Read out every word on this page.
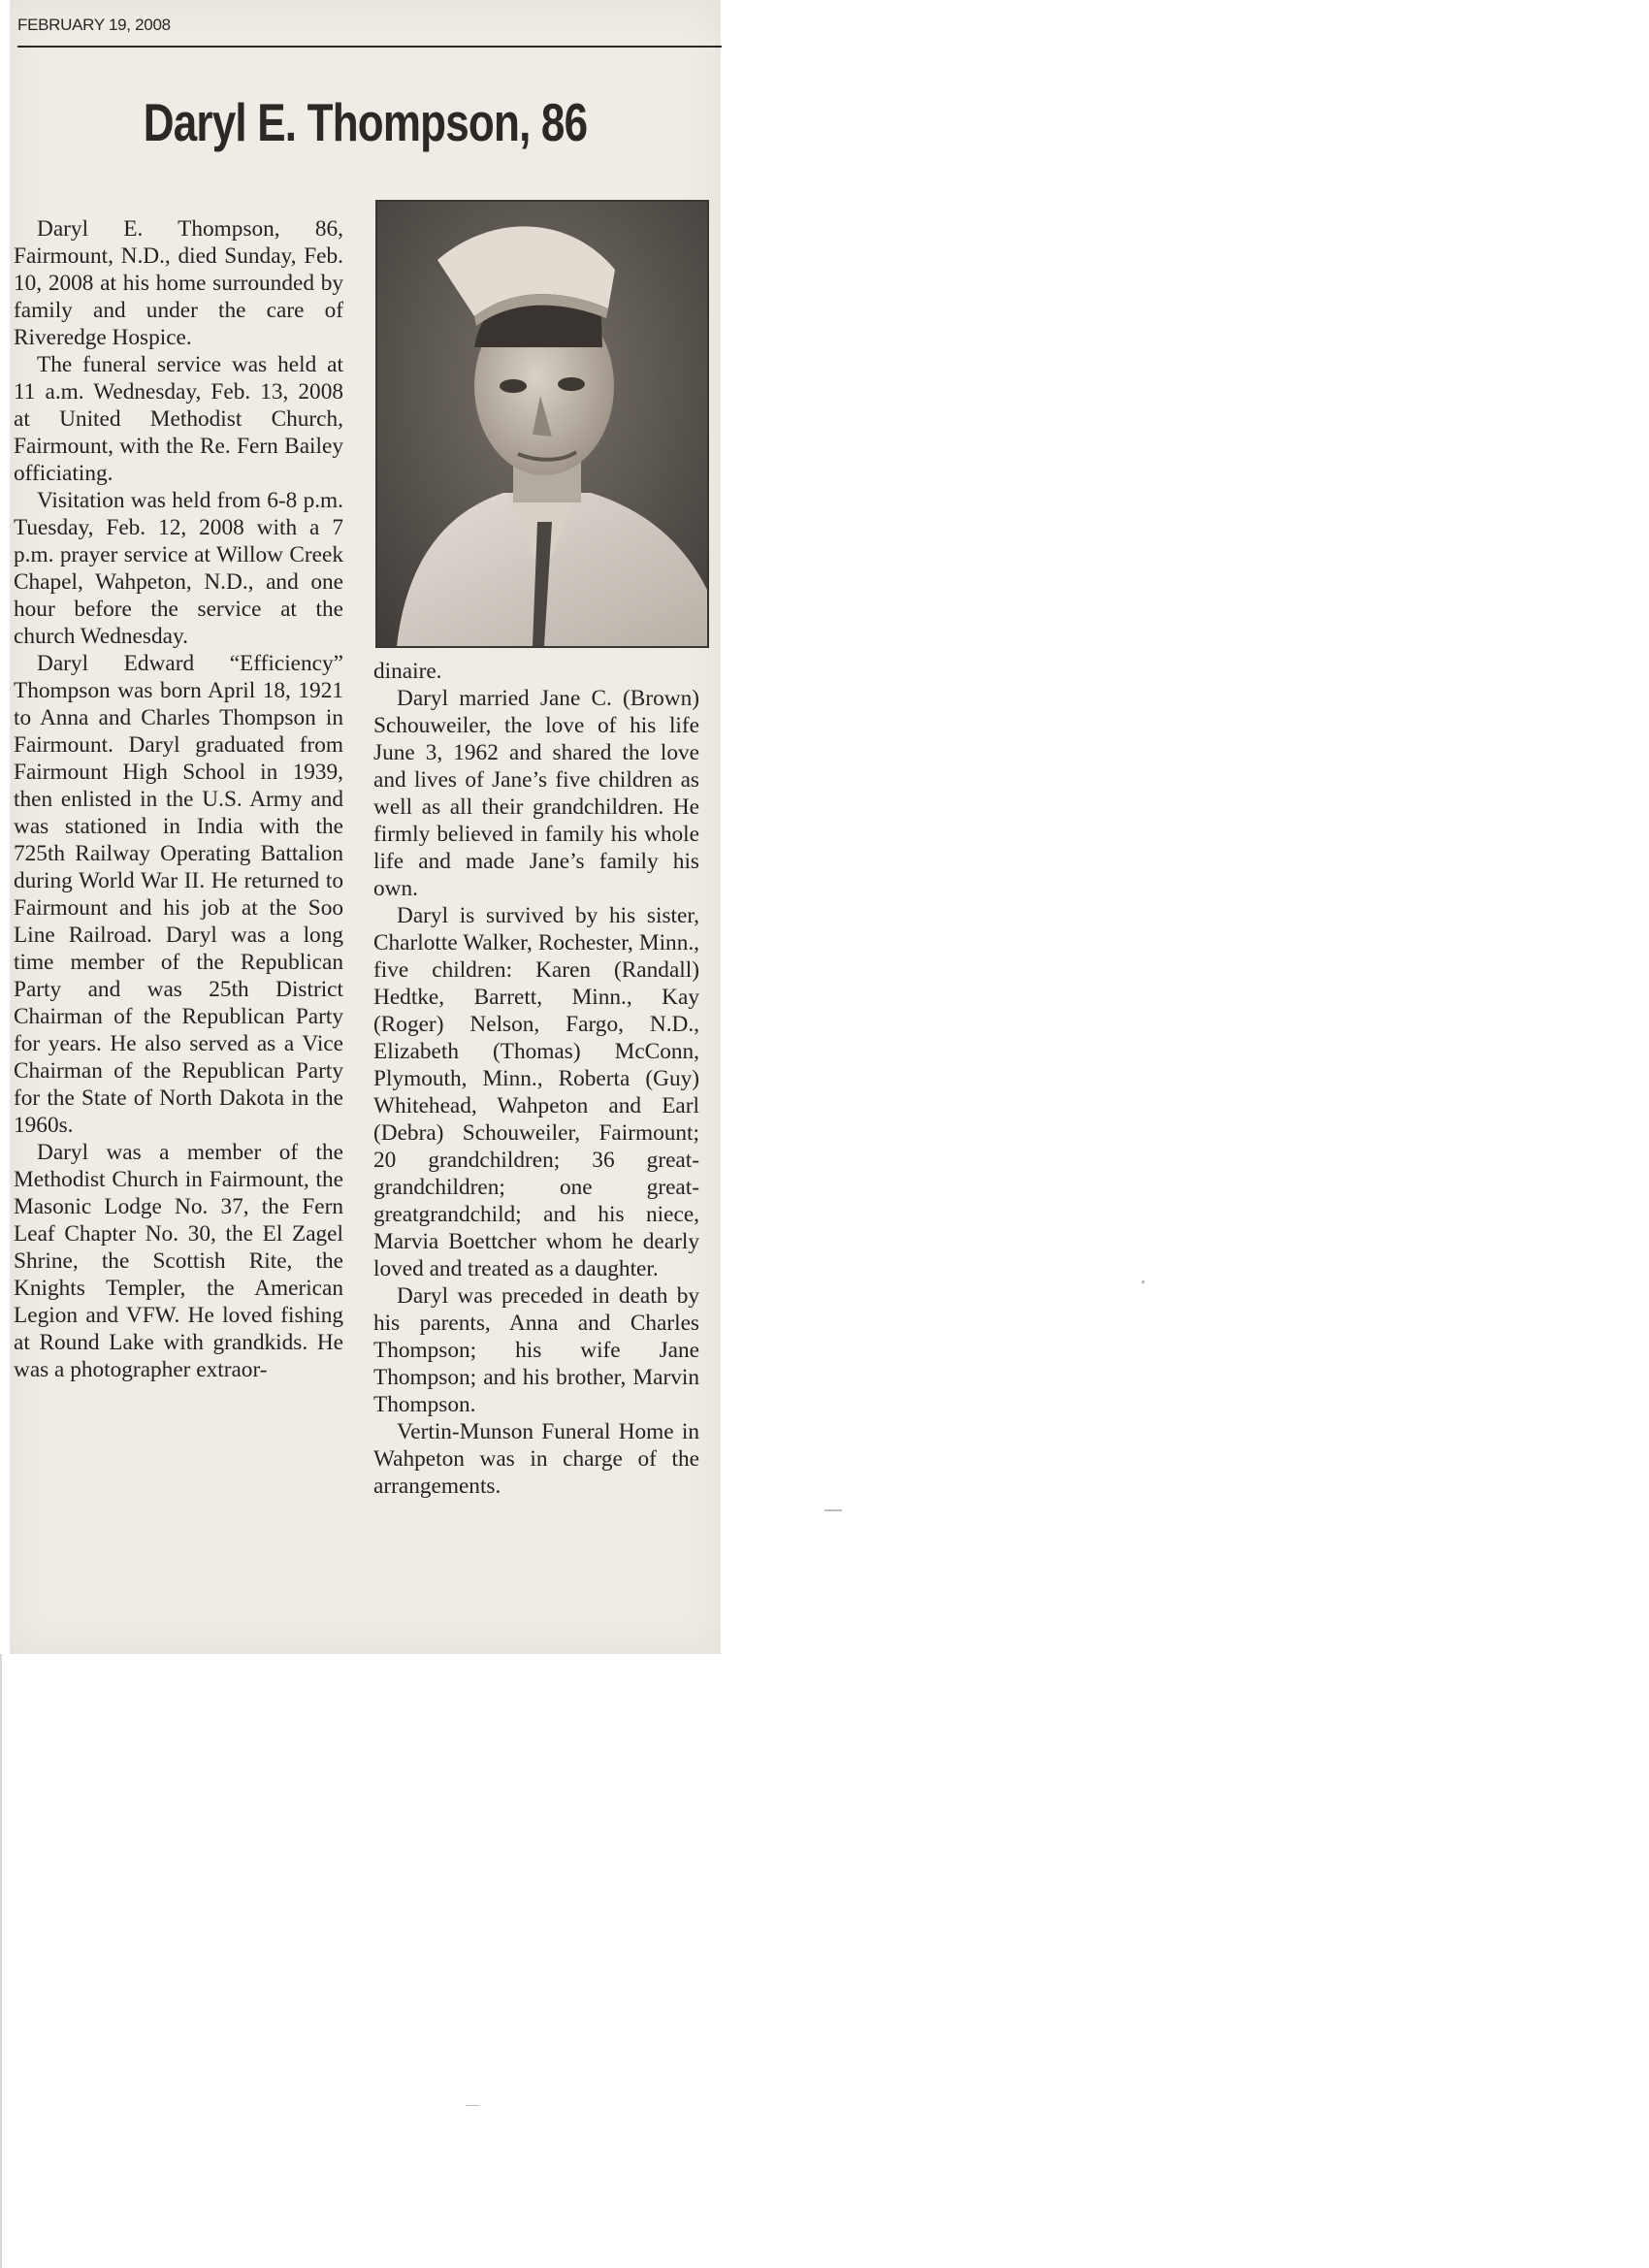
FEBRUARY 19, 2008
Daryl E. Thompson, 86

Daryl E. Thompson, 86, Fairmount, N.D., died Sunday, Feb. 10, 2008 at his home surrounded by family and under the care of Riveredge Hospice.

The funeral service was held at 11 a.m. Wednesday, Feb. 13, 2008 at United Methodist Church, Fairmount, with the Re. Fern Bailey officiating.

Visitation was held from 6-8 p.m. Tuesday, Feb. 12, 2008 with a 7 p.m. prayer service at Willow Creek Chapel, Wahpeton, N.D., and one hour before the service at the church Wednesday.

Daryl Edward “Efficiency” Thompson was born April 18, 1921 to Anna and Charles Thompson in Fairmount. Daryl graduated from Fairmount High School in 1939, then enlisted in the U.S. Army and was stationed in India with the 725th Railway Operating Battalion during World War II. He returned to Fairmount and his job at the Soo Line Railroad. Daryl was a long time member of the Republican Party and was 25th District Chairman of the Republican Party for years. He also served as a Vice Chairman of the Republican Party for the State of North Dakota in the 1960s.

Daryl was a member of the Methodist Church in Fairmount, the Masonic Lodge No. 37, the Fern Leaf Chapter No. 30, the El Zagel Shrine, the Scottish Rite, the Knights Templer, the American Legion and VFW. He loved fishing at Round Lake with grandkids. He was a photographer extraor-

dinaire.

Daryl married Jane C. (Brown) Schouweiler, the love of his life June 3, 1962 and shared the love and lives of Jane’s five children as well as all their grandchildren. He firmly believed in family his whole life and made Jane’s family his own.

Daryl is survived by his sister, Charlotte Walker, Rochester, Minn., five children: Karen (Randall) Hedtke, Barrett, Minn., Kay (Roger) Nelson, Fargo, N.D., Elizabeth (Thomas) McConn, Plymouth, Minn., Roberta (Guy) Whitehead, Wahpeton and Earl (Debra) Schouweiler, Fairmount; 20 grandchildren; 36 great-grandchildren; one great-greatgrandchild; and his niece, Marvia Boettcher whom he dearly loved and treated as a daughter.

Daryl was preceded in death by his parents, Anna and Charles Thompson; his wife Jane Thompson; and his brother, Marvin Thompson.

Vertin-Munson Funeral Home in Wahpeton was in charge of the arrangements.
